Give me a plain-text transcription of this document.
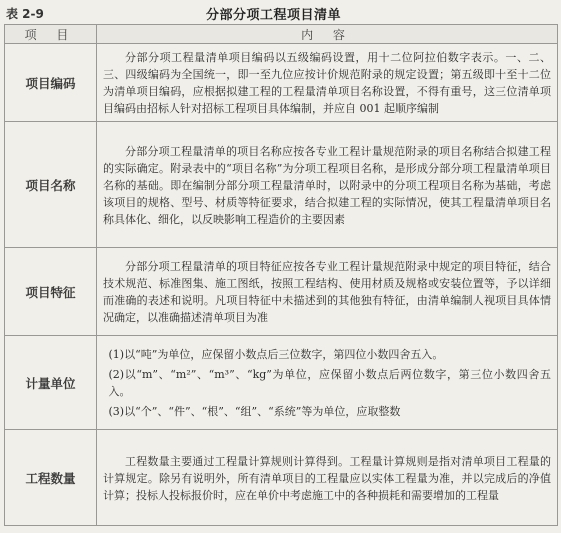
表 2-9	分部分项工程项目清单
项 目	内 容
项目编码	分部分项工程量清单项目编码以五级编码设置，用十二位阿拉伯数字表示。一、二、三、四级编码为全国统一，即一至九位应按计价规范附录的规定设置；第五级即十至十二位为清单项目编码，应根据拟建工程的工程量清单项目名称设置，不得有重号，这三位清单项目编码由招标人针对招标工程项目具体编制，并应自 001 起顺序编制

项目名称	分部分项工程量清单的项目名称应按各专业工程计量规范附录的项目名称结合拟建工程的实际确定。附录表中的“项目名称”为分项工程项目名称，是形成分部分项工程量清单项目名称的基础。即在编制分部分项工程量清单时，以附录中的分项工程项目名称为基础，考虑该项目的规格、型号、材质等特征要求，结合拟建工程的实际情况，使其工程量清单项目名称具体化、细化，以反映影响工程造价的主要因素

项目特征	分部分项工程量清单的项目特征应按各专业工程计量规范附录中规定的项目特征，结合技术规范、标准图集、施工图纸，按照工程结构、使用材质及规格或安装位置等，予以详细而准确的表述和说明。凡项目特征中未描述到的其他独有特征，由清单编制人视项目具体情况确定，以准确描述清单项目为准

计量单位	(1)以“吨”为单位，应保留小数点后三位数字，第四位小数四舍五入。
(2)以“m”、“m²”、“m³”、“kg”为单位，应保留小数点后两位数字，第三位小数四舍五入。
(3)以“个”、“件”、“根”、“组”、“系统”等为单位，应取整数

工程数量	工程数量主要通过工程量计算规则计算得到。工程量计算规则是指对清单项目工程量的计算规定。除另有说明外，所有清单项目的工程量应以实体工程量为准，并以完成后的净值计算；投标人投标报价时，应在单价中考虑施工中的各种损耗和需要增加的工程量
